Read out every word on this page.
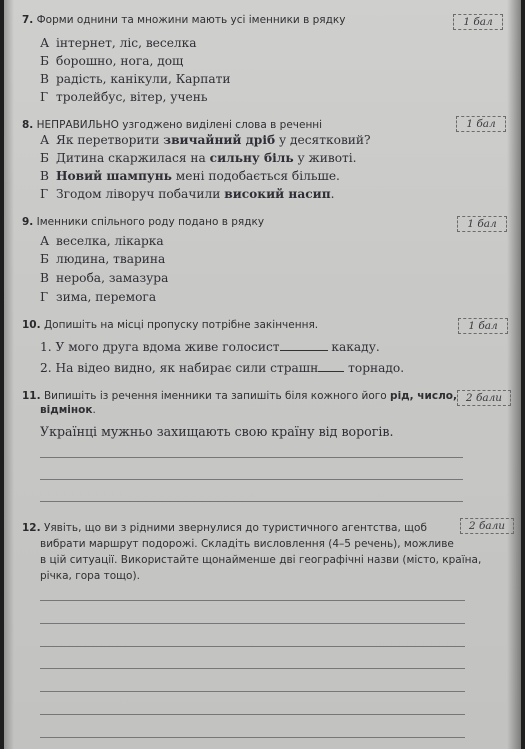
7. Форми однини та множини мають усі іменники в рядку	1 бал
А інтернет, ліс, веселка
Б борошно, нога, дощ
В радість, канікули, Карпати
Г тролейбус, вітер, учень
8. НЕПРАВИЛЬНО узгоджено виділені слова в реченні	1 бал
А Як перетворити звичайний дріб у десятковий?
Б Дитина скаржилася на сильну біль у животі.
В Новий шампунь мені подобається більше.
Г Згодом ліворуч побачили високий насип.
9. Іменники спільного роду подано в рядку	1 бал
А веселка, лікарка
Б людина, тварина
В нероба, замазура
Г зима, перемога
10. Допишіть на місці пропуску потрібне закінчення.	1 бал
1. У мого друга вдома живе голосист	какаду.
2. На відео видно, як набирає сили страшн торнадо.
11. Випишіть із речення іменники та запишіть біля кожного його рід, число,
відмінок.
2 бали
Українці мужньо захищають свою країну від ворогів.
12. Уявіть, що ви з рідними звернулися до туристичного агентства, щоб
вибрати маршрут подорожі. Складіть висловлення (4–5 речень), можливе
в цій ситуації. Використайте щонайменше дві географічні назви (місто, країна,
річка, гора тощо).
2 бали
